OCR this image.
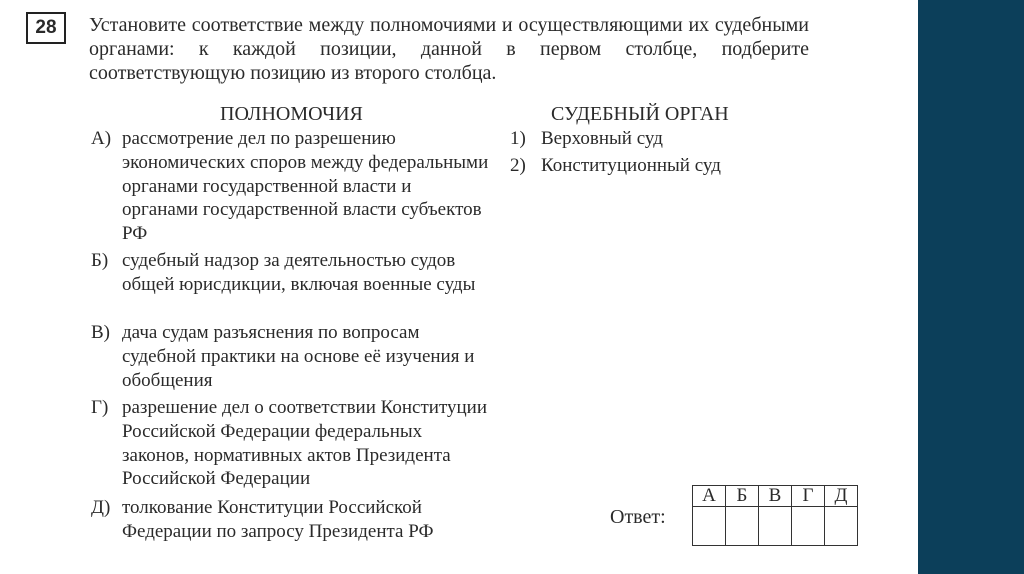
28	Установите соответствие между полномочиями и осуществляющими их судебными органами: к каждой позиции, данной в первом столбце, подберите соответствующую позицию из второго столбца.
ПОЛНОМОЧИЯ	СУДЕБНЫЙ ОРГАН
А) рассмотрение дел по разрешению экономических споров между федеральными органами государственной власти и органами государственной власти субъектов РФ
Б) судебный надзор за деятельностью судов общей юрисдикции, включая военные суды
В) дача судам разъяснения по вопросам судебной практики на основе её изучения и обобщения
Г) разрешение дел о соответствии Конституции Российской Федерации федеральных законов, нормативных актов Президента Российской Федерации
Д) толкование Конституции Российской Федерации по запросу Президента РФ
1) Верховный суд
2) Конституционный суд
Ответ:
А	Б	В	Г	Д
